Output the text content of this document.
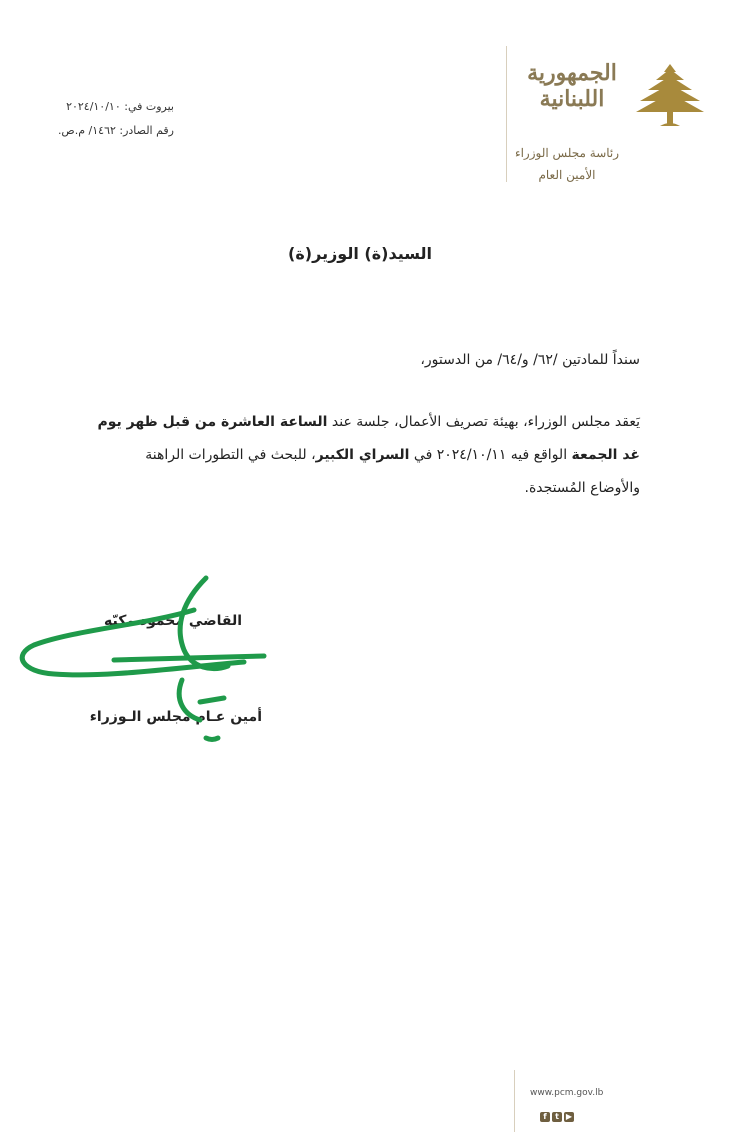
الجمهورية
اللبنانية
رئاسة مجلس الوزراء
الأمين العام
بيروت في: ٢٠٢٤/١٠/١٠
رقم الصادر: ١٤٦٢/ م.ص.
السيد(ة) الوزير(ة)
سنداً للمادتين /٦٢/ و/٦٤/ من الدستور،
يَعقد مجلس الوزراء، بهيئة تصريف الأعمال، جلسة عند الساعة العاشرة من قبل ظهر يوم
غد الجمعة الواقع فيه ٢٠٢٤/١٠/١١ في السراي الكبير، للبحث في التطورات الراهنة
والأوضاع المُستجدة.
القاضي محمود مكيّه
أمين عـام مجلس الـوزراء
www.pcm.gov.lb
f t ▶
